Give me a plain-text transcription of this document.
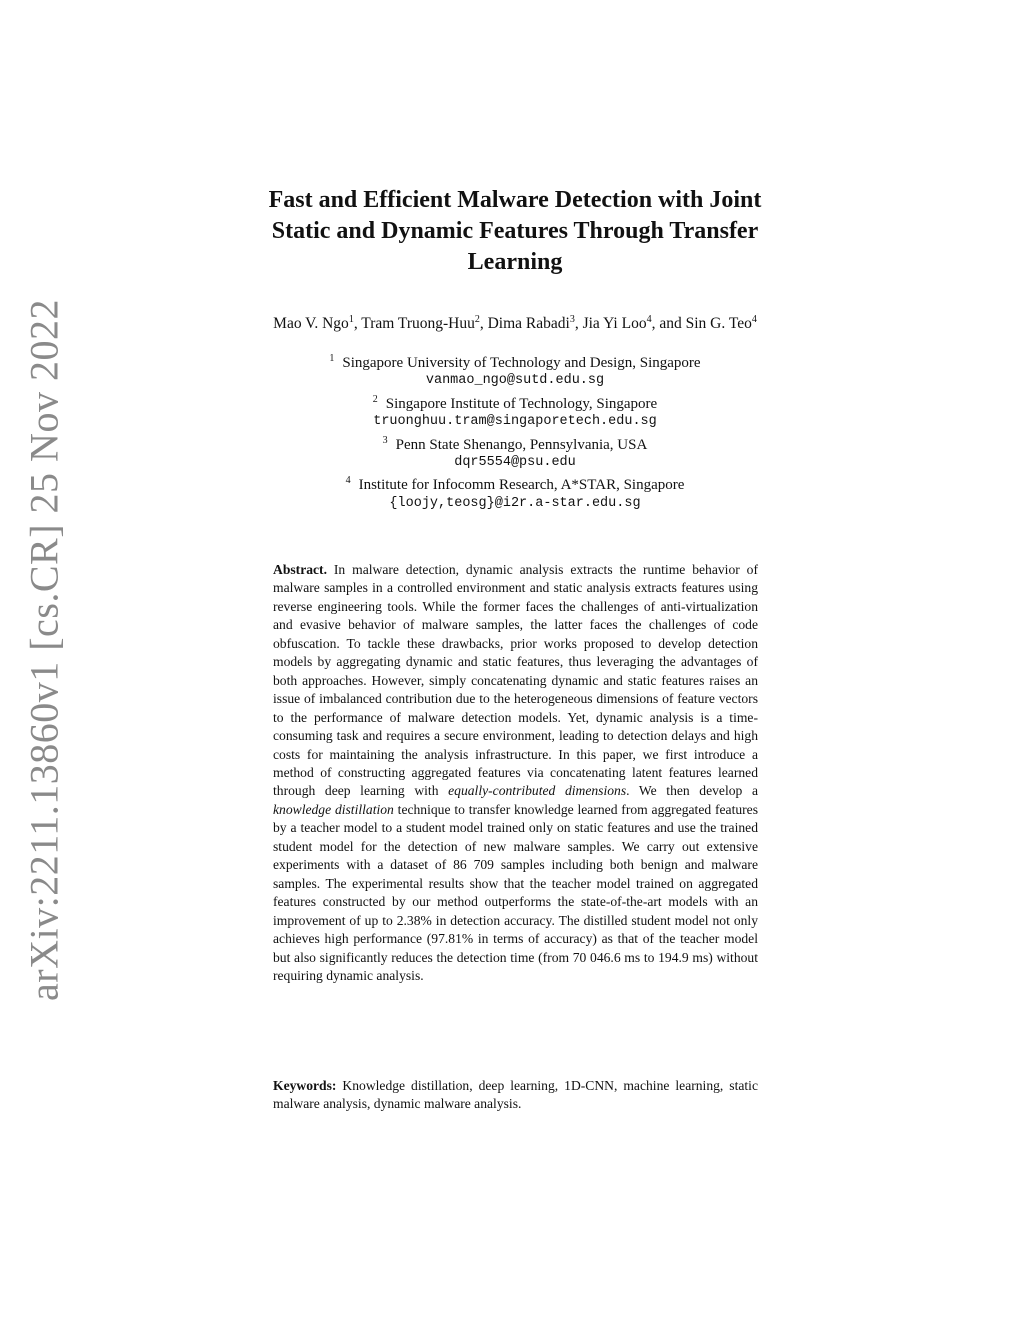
arXiv:2211.13860v1 [cs.CR] 25 Nov 2022
Fast and Efficient Malware Detection with Joint
Static and Dynamic Features Through Transfer
Learning
Mao V. Ngo$^1$, Tram Truong-Huu$^2$, Dima Rabadi$^3$, Jia Yi Loo$^4$, and Sin G. Teo$^4$
$^1$ Singapore University of Technology and Design, Singapore
vanmao_ngo@sutd.edu.sg
$^2$ Singapore Institute of Technology, Singapore
truonghuu.tram@singaporetech.edu.sg
$^3$ Penn State Shenango, Pennsylvania, USA
dqr5554@psu.edu
$^4$ Institute for Infocomm Research, A*STAR, Singapore
{loojy,teosg}@i2r.a-star.edu.sg

Abstract. In malware detection, dynamic analysis extracts the runtime behavior of malware samples in a controlled environment and static analysis extracts features using reverse engineering tools. While the former faces the challenges of anti-virtualization and evasive behavior of malware samples, the latter faces the challenges of code obfuscation. To tackle these drawbacks, prior works proposed to develop detection models by aggregating dynamic and static features, thus leveraging the advantages of both approaches. However, simply concatenating dynamic and static features raises an issue of imbalanced contribution due to the heterogeneous dimensions of feature vectors to the performance of malware detection models. Yet, dynamic analysis is a time-consuming task and requires a secure environment, leading to detection delays and high costs for maintaining the analysis infrastructure. In this paper, we first introduce a method of constructing aggregated features via concatenating latent features learned through deep learning with equally-contributed dimensions. We then develop a knowledge distillation technique to transfer knowledge learned from aggregated features by a teacher model to a student model trained only on static features and use the trained student model for the detection of new malware samples. We carry out extensive experiments with a dataset of 86 709 samples including both benign and malware samples. The experimental results show that the teacher model trained on aggregated features constructed by our method outperforms the state-of-the-art models with an improvement of up to 2.38% in detection accuracy. The distilled student model not only achieves high performance (97.81% in terms of accuracy) as that of the teacher model but also significantly reduces the detection time (from 70 046.6 ms to 194.9 ms) without requiring dynamic analysis.

Keywords: Knowledge distillation, deep learning, 1D-CNN, machine learning, static malware analysis, dynamic malware analysis.
